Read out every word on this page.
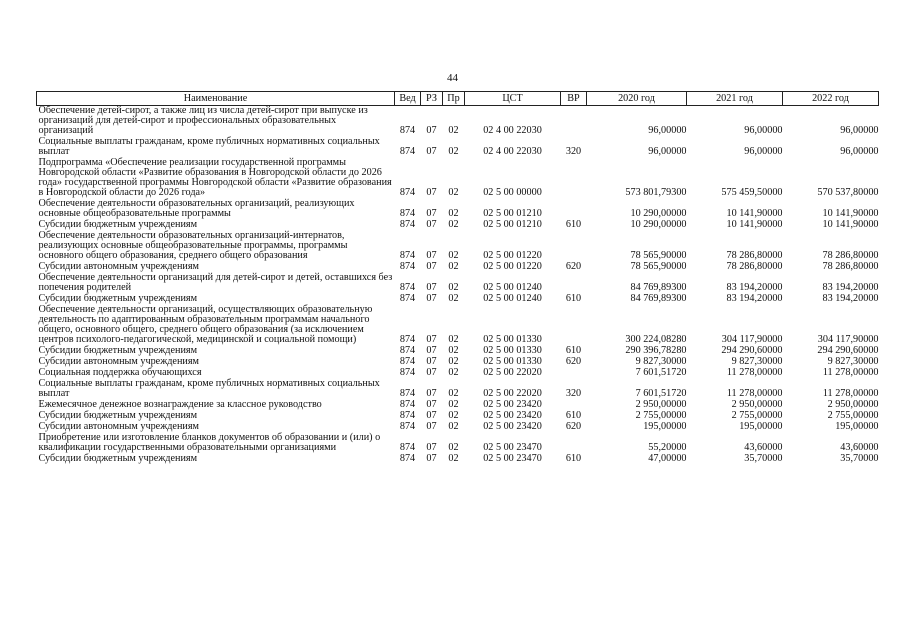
44
Наименование	Вед	РЗ	Пр	ЦСТ	ВР	2020 год	2021 год	2022 год
Обеспечение детей-сирот, а также лиц из числа детей-сирот при выпуске из организаций для детей-сирот и профессиональных образовательных организаций	874	07	02	02 4 00 22030		96,00000	96,00000	96,00000
Социальные выплаты гражданам, кроме публичных нормативных социальных выплат	874	07	02	02 4 00 22030	320	96,00000	96,00000	96,00000
Подпрограмма «Обеспечение реализации государственной программы Новгородской области «Развитие образования в Новгородской области до 2026 года» государственной программы Новгородской области «Развитие образования в Новгородской области до 2026 года»	874	07	02	02 5 00 00000		573 801,79300	575 459,50000	570 537,80000
Обеспечение деятельности образовательных организаций, реализующих основные общеобразовательные программы	874	07	02	02 5 00 01210		10 290,00000	10 141,90000	10 141,90000
Субсидии бюджетным учреждениям	874	07	02	02 5 00 01210	610	10 290,00000	10 141,90000	10 141,90000
Обеспечение деятельности образовательных организаций-интернатов, реализующих основные общеобразовательные программы, программы основного общего образования, среднего общего образования	874	07	02	02 5 00 01220		78 565,90000	78 286,80000	78 286,80000
Субсидии автономным учреждениям	874	07	02	02 5 00 01220	620	78 565,90000	78 286,80000	78 286,80000
Обеспечение деятельности организаций для детей-сирот и детей, оставшихся без попечения родителей	874	07	02	02 5 00 01240		84 769,89300	83 194,20000	83 194,20000
Субсидии бюджетным учреждениям	874	07	02	02 5 00 01240	610	84 769,89300	83 194,20000	83 194,20000
Обеспечение деятельности организаций, осуществляющих образовательную деятельность по адаптированным образовательным программам начального общего, основного общего, среднего общего образования (за исключением центров психолого-педагогической, медицинской и социальной помощи)	874	07	02	02 5 00 01330		300 224,08280	304 117,90000	304 117,90000
Субсидии бюджетным учреждениям	874	07	02	02 5 00 01330	610	290 396,78280	294 290,60000	294 290,60000
Субсидии автономным учреждениям	874	07	02	02 5 00 01330	620	9 827,30000	9 827,30000	9 827,30000
Социальная поддержка обучающихся	874	07	02	02 5 00 22020		7 601,51720	11 278,00000	11 278,00000
Социальные выплаты гражданам, кроме публичных нормативных социальных выплат	874	07	02	02 5 00 22020	320	7 601,51720	11 278,00000	11 278,00000
Ежемесячное денежное вознаграждение за классное руководство	874	07	02	02 5 00 23420		2 950,00000	2 950,00000	2 950,00000
Субсидии бюджетным учреждениям	874	07	02	02 5 00 23420	610	2 755,00000	2 755,00000	2 755,00000
Субсидии автономным учреждениям	874	07	02	02 5 00 23420	620	195,00000	195,00000	195,00000
Приобретение или изготовление бланков документов об образовании и (или) о квалификации государственными образовательными организациями	874	07	02	02 5 00 23470		55,20000	43,60000	43,60000
Субсидии бюджетным учреждениям	874	07	02	02 5 00 23470	610	47,00000	35,70000	35,70000
